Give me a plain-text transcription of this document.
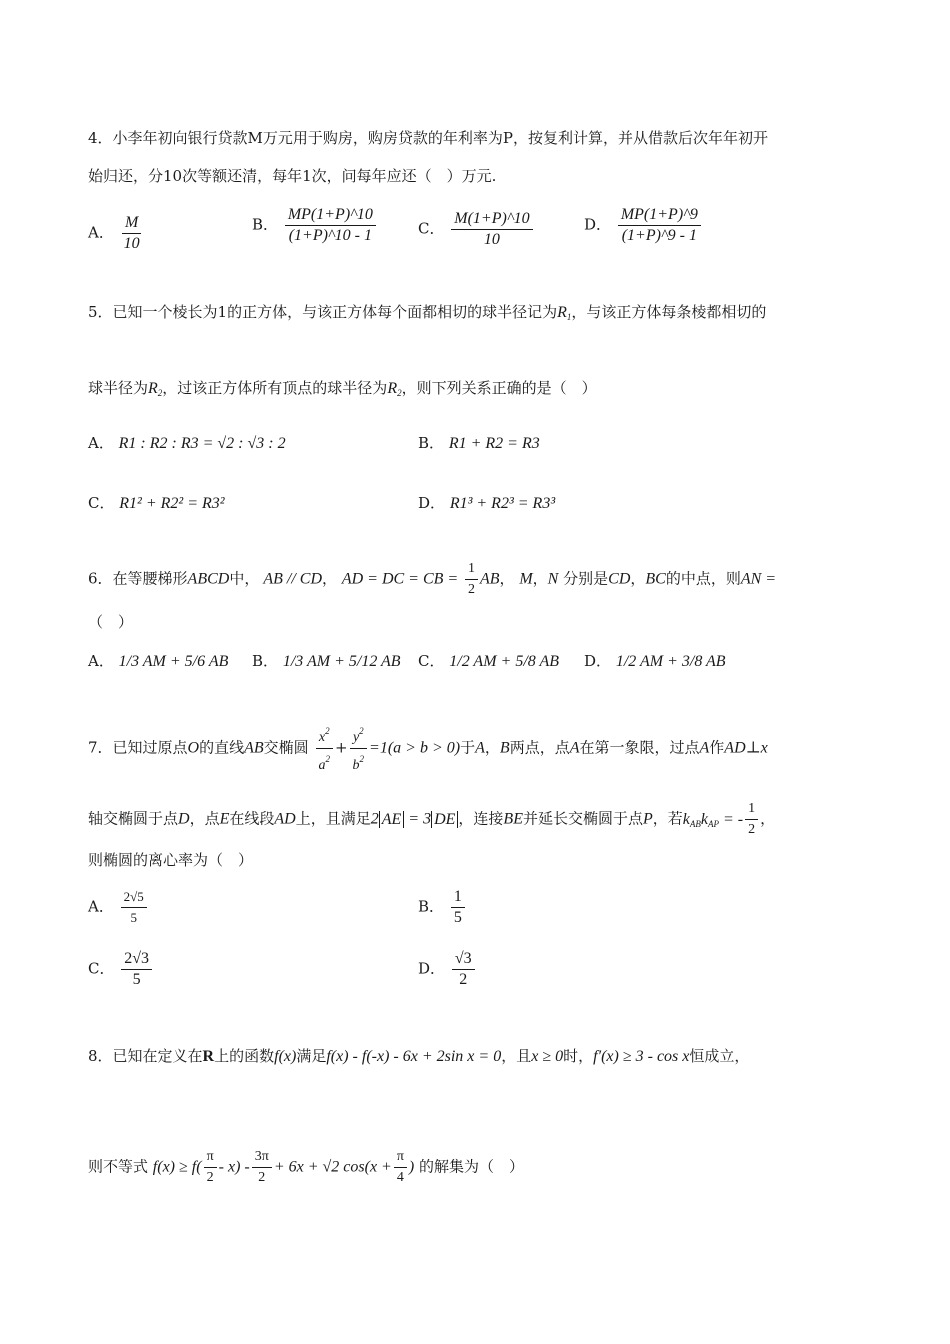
4．小李年初向银行贷款M万元用于购房，购房贷款的年利率为P，按复利计算，并从借款后次年年初开
始归还，分10次等额还清，每年1次，问每年应还（　）万元.
A． $\frac{M}{10}$	B． $\frac{MP(1+P)\^{}10}{(1+P)\^{}10 - 1}$	C． $\frac{M(1+P)\^{}10}{10}$	D． $\frac{MP(1+P)\^{}9}{(1+P)\^{}9 - 1}$
5．已知一个棱长为1的正方体，与该正方体每个面都相切的球半径记为$R_1$，与该正方体每条棱都相切的
球半径为$R_2$，过该正方体所有顶点的球半径为$R_2$，则下列关系正确的是（　）
A． R1 : R2 : R3 = √2 : √3 : 2	B． R1 + R2 = R3
C． R1² + R2² = R3²	D． R1³ + R2³ = R3³
6．在等腰梯形ABCD中， AB // CD， AD = DC = CB = $\frac{1}{2}$ AB， M，N 分别是CD，BC的中点，则AN =
（　）
A． 1/3 AM + 5/6 AB B． 1/3 AM + 5/12 AB C． 1/2 AM + 5/8 AB D． 1/2 AM + 3/8 AB
7．已知过原点O的直线AB交椭圆 $\frac{x^2}{a^2} + \frac{y^2}{b^2} =1(a > b > 0)$于A，B两点，点A在第一象限，过点A作AD⊥x
轴交椭圆于点D，点E在线段AD上，且满足2 AE = 3 DE ，连接BE并延长交椭圆于点P，若$k_{AB}k_{AP}$ = - $\frac{1}{2}$ ，
则椭圆的离心率为（　）
A． $\frac{2√5}{5}$	B． $\frac{1}{5}$
C． $\frac{2√3}{5}$	D． $\frac{√3}{2}$
8．已知在定义在R上的函数f(x)满足f(x) - f(-x) - 6x + 2sin x = 0，且x ≥ 0时，f′(x) ≥ 3 - cos x恒成立，
则不等式 $f(x) \ge f( \frac{\pi}{2} - x) - \frac{3\pi}{2} + 6x + √2$ $\cos(x + \frac{\pi}{4}$ ) 的解集为（　）
